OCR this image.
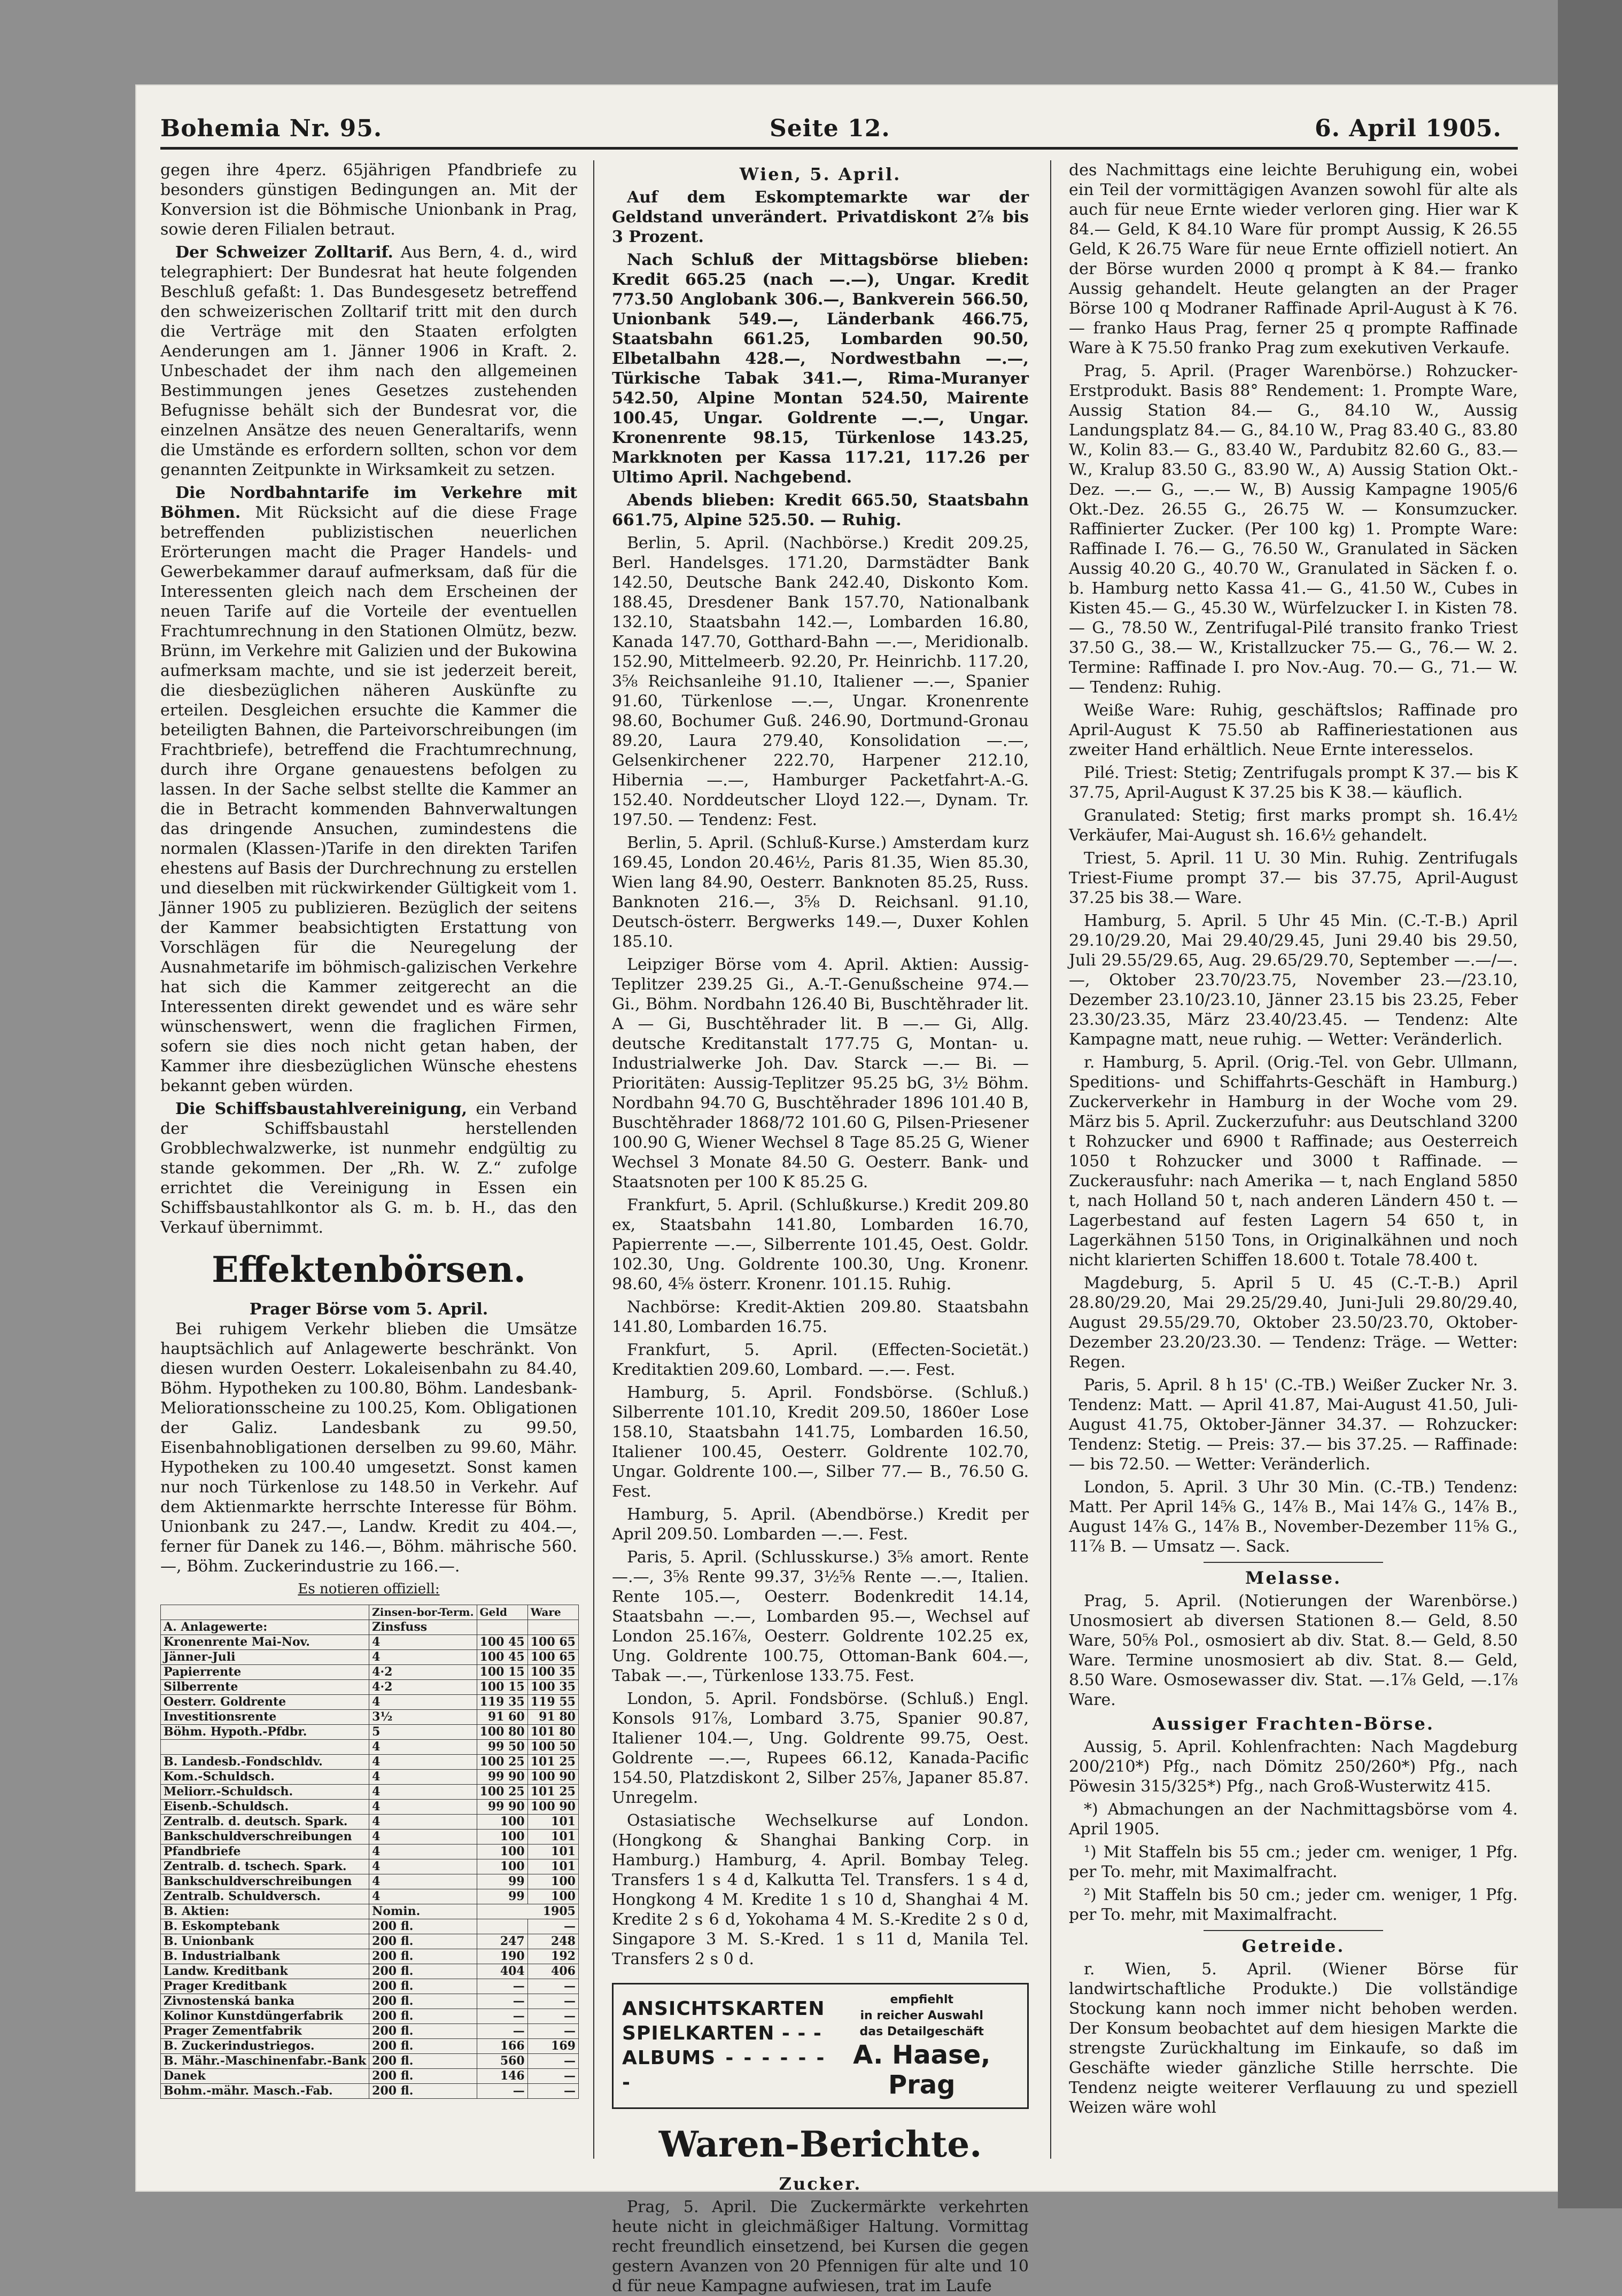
Bohemia Nr. 95.	Seite 12.	6. April 1905.

gegen ihre 4perz. 65jährigen Pfandbriefe zu besonders günstigen Bedingungen an. Mit der Konversion ist die Böhmische Unionbank in Prag, sowie deren Filialen betraut.

Der Schweizer Zolltarif. Aus Bern, 4. d., wird telegraphiert: Der Bundesrat hat heute folgenden Beschluß gefaßt: 1. Das Bundesgesetz betreffend den schweizerischen Zolltarif tritt mit den durch die Verträge mit den Staaten erfolgten Aenderungen am 1. Jänner 1906 in Kraft. 2. Unbeschadet der ihm nach den allgemeinen Bestimmungen jenes Gesetzes zustehenden Befugnisse behält sich der Bundesrat vor, die einzelnen Ansätze des neuen Generaltarifs, wenn die Umstände es erfordern sollten, schon vor dem genannten Zeitpunkte in Wirksamkeit zu setzen.

Die Nordbahntarife im Verkehre mit Böhmen. Mit Rücksicht auf die diese Frage betreffenden publizistischen neuerlichen Erörterungen macht die Prager Handels- und Gewerbekammer darauf aufmerksam, daß für die Interessenten gleich nach dem Erscheinen der neuen Tarife auf die Vorteile der eventuellen Frachtumrechnung in den Stationen Olmütz, bezw. Brünn, im Verkehre mit Galizien und der Bukowina aufmerksam machte, und sie ist jederzeit bereit, die diesbezüglichen näheren Auskünfte zu erteilen. Desgleichen ersuchte die Kammer die beteiligten Bahnen, die Parteivorschreibungen (im Frachtbriefe), betreffend die Frachtumrechnung, durch ihre Organe genauestens befolgen zu lassen. In der Sache selbst stellte die Kammer an die in Betracht kommenden Bahnverwaltungen das dringende Ansuchen, zumindestens die normalen (Klassen-)Tarife in den direkten Tarifen ehestens auf Basis der Durchrechnung zu erstellen und dieselben mit rückwirkender Gültigkeit vom 1. Jänner 1905 zu publizieren. Bezüglich der seitens der Kammer beabsichtigten Erstattung von Vorschlägen für die Neuregelung der Ausnahmetarife im böhmisch-galizischen Verkehre hat sich die Kammer zeitgerecht an die Interessenten direkt gewendet und es wäre sehr wünschenswert, wenn die fraglichen Firmen, sofern sie dies noch nicht getan haben, der Kammer ihre diesbezüglichen Wünsche ehestens bekannt geben würden.

Die Schiffsbaustahlvereinigung, ein Verband der Schiffsbaustahl herstellenden Grobblechwalzwerke, ist nunmehr endgültig zu stande gekommen. Der „Rh. W. Z.“ zufolge errichtet die Vereinigung in Essen ein Schiffsbaustahlkontor als G. m. b. H., das den Verkauf übernimmt.

Effektenbörsen.
Prager Börse vom 5. April.

Bei ruhigem Verkehr blieben die Umsätze hauptsächlich auf Anlagewerte beschränkt. Von diesen wurden Oesterr. Lokaleisenbahn zu 84.40, Böhm. Hypotheken zu 100.80, Böhm. Landesbank-Meliorationsscheine zu 100.25, Kom. Obligationen der Galiz. Landesbank zu 99.50, Eisenbahnobligationen derselben zu 99.60, Mähr. Hypotheken zu 100.40 umgesetzt. Sonst kamen nur noch Türkenlose zu 148.50 in Verkehr. Auf dem Aktienmarkte herrschte Interesse für Böhm. Unionbank zu 247.—, Landw. Kredit zu 404.—, ferner für Danek zu 146.—, Böhm. mährische 560.—, Böhm. Zuckerindustrie zu 166.—.

Es notieren offiziell:
	Zinsen-bor-Term.	Geld	Ware
A. Anlagewerte:	Zinsfuss		
Kronenrente Mai-Nov.	4	100 45	100 65
Jänner-Juli	4	100 45	100 65
Papierrente	4·2	100 15	100 35
Silberrente	4·2	100 15	100 35
Oesterr. Goldrente	4	119 35	119 55
Investitionsrente	3½	91 60	91 80
Böhm. Hypoth.-Pfdbr.	5	100 80	101 80
	4	99 50	100 50
B. Landesb.-Fondschldv.	4	100 25	101 25
Kom.-Schuldsch.	4	99 90	100 90
Meliorr.-Schuldsch.	4	100 25	101 25
Eisenb.-Schuldsch.	4	99 90	100 90
Zentralb. d. deutsch. Spark.	4	100	101
Bankschuldverschreibungen	4	100	101
Pfandbriefe	4	100	101
Zentralb. d. tschech. Spark.	4	100	101
Bankschuldverschreibungen	4	99	100
Zentralb. Schuldversch.	4	99	100
B. Aktien:	Nomin.	1905	
B. Eskomptebank	200 fl.		—
B. Unionbank	200 fl.	247	248
B. Industrialbank	200 fl.	190	192
Landw. Kreditbank	200 fl.	404	406
Prager Kreditbank	200 fl.	—	—
Zivnostenská banka	200 fl.	—	—
Kolinor Kunstdüngerfabrik	200 fl.	—	—
Prager Zementfabrik	200 fl.	—	—
B. Zuckerindustriegos.	200 fl.	166	169
B. Mähr.-Maschinenfabr.-Bank	200 fl.	560	—
Danek	200 fl.	146	—
Bohm.-mähr. Masch.-Fab.	200 fl.	—	—
Wien, 5. April.

Auf dem Eskomptemarkte war der Geldstand unverändert. Privatdiskont 2⅞ bis 3 Prozent.

Nach Schluß der Mittagsbörse blieben: Kredit 665.25 (nach —.—), Ungar. Kredit 773.50 Anglobank 306.—, Bankverein 566.50, Unionbank 549.—, Länderbank 466.75, Staatsbahn 661.25, Lombarden 90.50, Elbetalbahn 428.—, Nordwestbahn —.—, Türkische Tabak 341.—, Rima-Muranyer 542.50, Alpine Montan 524.50, Mairente 100.45, Ungar. Goldrente —.—, Ungar. Kronenrente 98.15, Türkenlose 143.25, Markknoten per Kassa 117.21, 117.26 per Ultimo April. Nachgebend.

Abends blieben: Kredit 665.50, Staatsbahn 661.75, Alpine 525.50. — Ruhig.

Berlin, 5. April. (Nachbörse.) Kredit 209.25, Berl. Handelsges. 171.20, Darmstädter Bank 142.50, Deutsche Bank 242.40, Diskonto Kom. 188.45, Dresdener Bank 157.70, Nationalbank 132.10, Staatsbahn 142.—, Lombarden 16.80, Kanada 147.70, Gotthard-Bahn —.—, Meridionalb. 152.90, Mittelmeerb. 92.20, Pr. Heinrichb. 117.20, 3⅝ Reichsanleihe 91.10, Italiener —.—, Spanier 91.60, Türkenlose —.—, Ungar. Kronenrente 98.60, Bochumer Guß. 246.90, Dortmund-Gronau 89.20, Laura 279.40, Konsolidation —.—, Gelsenkirchener 222.70, Harpener 212.10, Hibernia —.—, Hamburger Packetfahrt-A.-G. 152.40. Norddeutscher Lloyd 122.—, Dynam. Tr. 197.50. — Tendenz: Fest.

Berlin, 5. April. (Schluß-Kurse.) Amsterdam kurz 169.45, London 20.46½, Paris 81.35, Wien 85.30, Wien lang 84.90, Oesterr. Banknoten 85.25, Russ. Banknoten 216.—, 3⅝ D. Reichsanl. 91.10, Deutsch-österr. Bergwerks 149.—, Duxer Kohlen 185.10.

Leipziger Börse vom 4. April. Aktien: Aussig-Teplitzer 239.25 Gi., A.-T.-Genußscheine 974.— Gi., Böhm. Nordbahn 126.40 Bi, Buschtěhrader lit. A — Gi, Buschtěhrader lit. B —.— Gi, Allg. deutsche Kreditanstalt 177.75 G, Montan- u. Industrialwerke Joh. Dav. Starck —.— Bi. — Prioritäten: Aussig-Teplitzer 95.25 bG, 3½ Böhm. Nordbahn 94.70 G, Buschtěhrader 1896 101.40 B, Buschtěhrader 1868/72 101.60 G, Pilsen-Priesener 100.90 G, Wiener Wechsel 8 Tage 85.25 G, Wiener Wechsel 3 Monate 84.50 G. Oesterr. Bank- und Staatsnoten per 100 K 85.25 G.

Frankfurt, 5. April. (Schlußkurse.) Kredit 209.80 ex, Staatsbahn 141.80, Lombarden 16.70, Papierrente —.—, Silberrente 101.45, Oest. Goldr. 102.30, Ung. Goldrente 100.30, Ung. Kronenr. 98.60, 4⅝ österr. Kronenr. 101.15. Ruhig.

Nachbörse: Kredit-Aktien 209.80. Staatsbahn 141.80, Lombarden 16.75.

Frankfurt, 5. April. (Effecten-Societät.) Kreditaktien 209.60, Lombard. —.—. Fest.

Hamburg, 5. April. Fondsbörse. (Schluß.) Silberrente 101.10, Kredit 209.50, 1860er Lose 158.10, Staatsbahn 141.75, Lombarden 16.50, Italiener 100.45, Oesterr. Goldrente 102.70, Ungar. Goldrente 100.—, Silber 77.— B., 76.50 G. Fest.

Hamburg, 5. April. (Abendbörse.) Kredit per April 209.50. Lombarden —.—. Fest.

Paris, 5. April. (Schlusskurse.) 3⅝ amort. Rente —.—, 3⅝ Rente 99.37, 3½⅝ Rente —.—, Italien. Rente 105.—, Oesterr. Bodenkredit 14.14, Staatsbahn —.—, Lombarden 95.—, Wechsel auf London 25.16⅞, Oesterr. Goldrente 102.25 ex, Ung. Goldrente 100.75, Ottoman-Bank 604.—, Tabak —.—, Türkenlose 133.75. Fest.

London, 5. April. Fondsbörse. (Schluß.) Engl. Konsols 91⅞, Lombard 3.75, Spanier 90.87, Italiener 104.—, Ung. Goldrente 99.75, Oest. Goldrente —.—, Rupees 66.12, Kanada-Pacific 154.50, Platzdiskont 2, Silber 25⅞, Japaner 85.87. Unregelm.

Ostasiatische Wechselkurse auf London. (Hongkong & Shanghai Banking Corp. in Hamburg.) Hamburg, 4. April. Bombay Teleg. Transfers 1 s 4 d, Kalkutta Tel. Transfers. 1 s 4 d, Hongkong 4 M. Kredite 1 s 10 d, Shanghai 4 M. Kredite 2 s 6 d, Yokohama 4 M. S.-Kredite 2 s 0 d, Singapore 3 M. S.-Kred. 1 s 11 d, Manila Tel. Transfers 2 s 0 d.

ANSICHTSKARTEN
SPIELKARTEN - - -
ALBUMS - - - - - - -
empfiehlt
in reicher Auswahl
das Detailgeschäft
A. Haase, Prag
Waren-Berichte.
Zucker.

Prag, 5. April. Die Zuckermärkte verkehrten heute nicht in gleichmäßiger Haltung. Vormittag recht freundlich einsetzend, bei Kursen die gegen gestern Avanzen von 20 Pfennigen für alte und 10 d für neue Kampagne aufwiesen, trat im Laufe

des Nachmittags eine leichte Beruhigung ein, wobei ein Teil der vormittägigen Avanzen sowohl für alte als auch für neue Ernte wieder verloren ging. Hier war K 84.— Geld, K 84.10 Ware für prompt Aussig, K 26.55 Geld, K 26.75 Ware für neue Ernte offiziell notiert. An der Börse wurden 2000 q prompt à K 84.— franko Aussig gehandelt. Heute gelangten an der Prager Börse 100 q Modraner Raffinade April-August à K 76.— franko Haus Prag, ferner 25 q prompte Raffinade Ware à K 75.50 franko Prag zum exekutiven Verkaufe.

Prag, 5. April. (Prager Warenbörse.) Rohzucker-Erstprodukt. Basis 88° Rendement: 1. Prompte Ware, Aussig Station 84.— G., 84.10 W., Aussig Landungsplatz 84.— G., 84.10 W., Prag 83.40 G., 83.80 W., Kolin 83.— G., 83.40 W., Pardubitz 82.60 G., 83.— W., Kralup 83.50 G., 83.90 W., A) Aussig Station Okt.-Dez. —.— G., —.— W., B) Aussig Kampagne 1905/6 Okt.-Dez. 26.55 G., 26.75 W. — Konsumzucker. Raffinierter Zucker. (Per 100 kg) 1. Prompte Ware: Raffinade I. 76.— G., 76.50 W., Granulated in Säcken Aussig 40.20 G., 40.70 W., Granulated in Säcken f. o. b. Hamburg netto Kassa 41.— G., 41.50 W., Cubes in Kisten 45.— G., 45.30 W., Würfelzucker I. in Kisten 78.— G., 78.50 W., Zentrifugal-Pilé transito franko Triest 37.50 G., 38.— W., Kristallzucker 75.— G., 76.— W. 2. Termine: Raffinade I. pro Nov.-Aug. 70.— G., 71.— W. — Tendenz: Ruhig.

Weiße Ware: Ruhig, geschäftslos; Raffinade pro April-August K 75.50 ab Raffineriestationen aus zweiter Hand erhältlich. Neue Ernte interesselos.

Pilé. Triest: Stetig; Zentrifugals prompt K 37.— bis K 37.75, April-August K 37.25 bis K 38.— käuflich.

Granulated: Stetig; first marks prompt sh. 16.4½ Verkäufer, Mai-August sh. 16.6½ gehandelt.

Triest, 5. April. 11 U. 30 Min. Ruhig. Zentrifugals Triest-Fiume prompt 37.— bis 37.75, April-August 37.25 bis 38.— Ware.

Hamburg, 5. April. 5 Uhr 45 Min. (C.-T.-B.) April 29.10/29.20, Mai 29.40/29.45, Juni 29.40 bis 29.50, Juli 29.55/29.65, Aug. 29.65/29.70, September —.—/—.—, Oktober 23.70/23.75, November 23.—/23.10, Dezember 23.10/23.10, Jänner 23.15 bis 23.25, Feber 23.30/23.35, März 23.40/23.45. — Tendenz: Alte Kampagne matt, neue ruhig. — Wetter: Veränderlich.

r. Hamburg, 5. April. (Orig.-Tel. von Gebr. Ullmann, Speditions- und Schiffahrts-Geschäft in Hamburg.) Zuckerverkehr in Hamburg in der Woche vom 29. März bis 5. April. Zuckerzufuhr: aus Deutschland 3200 t Rohzucker und 6900 t Raffinade; aus Oesterreich 1050 t Rohzucker und 3000 t Raffinade. — Zuckerausfuhr: nach Amerika — t, nach England 5850 t, nach Holland 50 t, nach anderen Ländern 450 t. — Lagerbestand auf festen Lagern 54 650 t, in Lagerkähnen 5150 Tons, in Originalkähnen und noch nicht klarierten Schiffen 18.600 t. Totale 78.400 t.

Magdeburg, 5. April 5 U. 45 (C.-T.-B.) April 28.80/29.20, Mai 29.25/29.40, Juni-Juli 29.80/29.40, August 29.55/29.70, Oktober 23.50/23.70, Oktober-Dezember 23.20/23.30. — Tendenz: Träge. — Wetter: Regen.

Paris, 5. April. 8 h 15' (C.-TB.) Weißer Zucker Nr. 3. Tendenz: Matt. — April 41.87, Mai-August 41.50, Juli-August 41.75, Oktober-Jänner 34.37. — Rohzucker: Tendenz: Stetig. — Preis: 37.— bis 37.25. — Raffinade: — bis 72.50. — Wetter: Veränderlich.

London, 5. April. 3 Uhr 30 Min. (C.-TB.) Tendenz: Matt. Per April 14⅝ G., 14⅞ B., Mai 14⅞ G., 14⅞ B., August 14⅞ G., 14⅞ B., November-Dezember 11⅝ G., 11⅞ B. — Umsatz —. Sack.

Melasse.

Prag, 5. April. (Notierungen der Warenbörse.) Unosmosiert ab diversen Stationen 8.— Geld, 8.50 Ware, 50⅝ Pol., osmosiert ab div. Stat. 8.— Geld, 8.50 Ware. Termine unosmosiert ab div. Stat. 8.— Geld, 8.50 Ware. Osmosewasser div. Stat. —.1⅞ Geld, —.1⅞ Ware.

Aussiger Frachten-Börse.

Aussig, 5. April. Kohlenfrachten: Nach Magdeburg 200/210*) Pfg., nach Dömitz 250/260*) Pfg., nach Pöwesin 315/325*) Pfg., nach Groß-Wusterwitz 415.

*) Abmachungen an der Nachmittagsbörse vom 4. April 1905.

¹) Mit Staffeln bis 55 cm.; jeder cm. weniger, 1 Pfg. per To. mehr, mit Maximalfracht.

²) Mit Staffeln bis 50 cm.; jeder cm. weniger, 1 Pfg. per To. mehr, mit Maximalfracht.

Getreide.

r. Wien, 5. April. (Wiener Börse für landwirtschaftliche Produkte.) Die vollständige Stockung kann noch immer nicht behoben werden. Der Konsum beobachtet auf dem hiesigen Markte die strengste Zurückhaltung im Einkaufe, so daß im Geschäfte wieder gänzliche Stille herrschte. Die Tendenz neigte weiterer Verflauung zu und speziell Weizen wäre wohl
